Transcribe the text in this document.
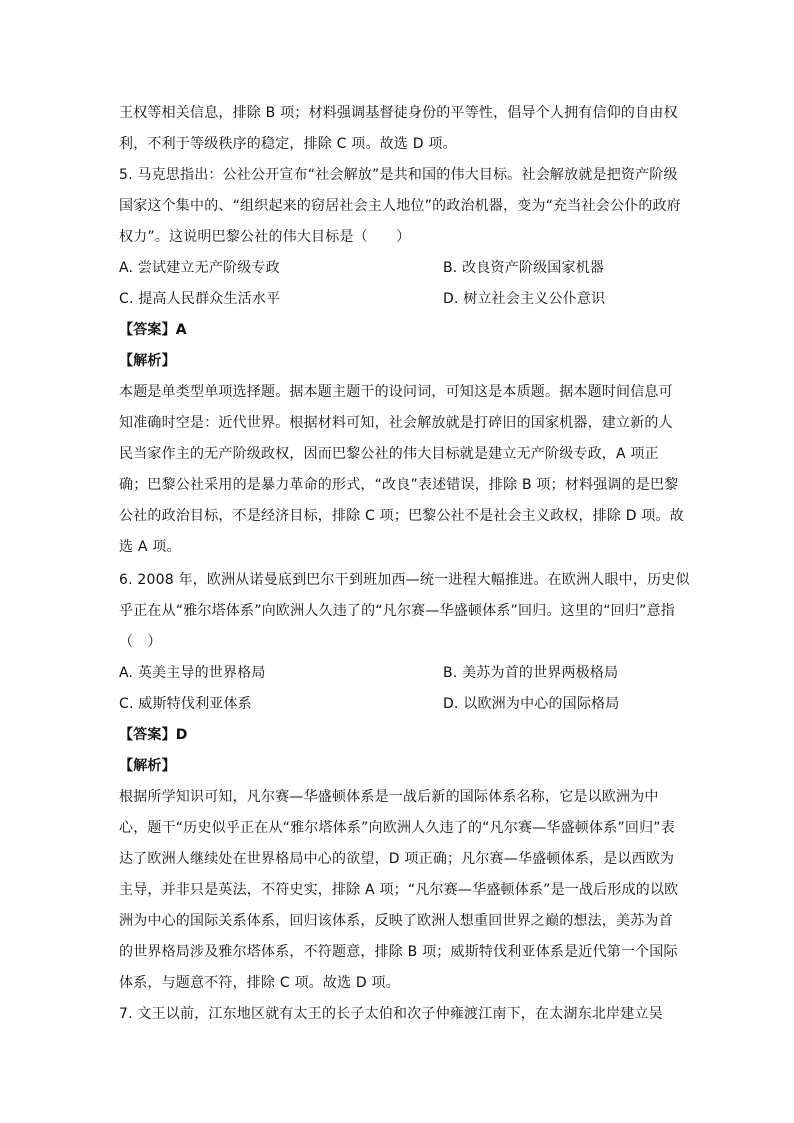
王权等相关信息，排除 B 项；材料强调基督徒身份的平等性，倡导个人拥有信仰的自由权
利，不利于等级秩序的稳定，排除 C 项。故选 D 项。
5. 马克思指出：公社公开宣布“社会解放”是共和国的伟大目标。社会解放就是把资产阶级
国家这个集中的、“组织起来的窃居社会主人地位”的政治机器，变为“充当社会公仆的政府
权力”。这说明巴黎公社的伟大目标是（　　）
A. 尝试建立无产阶级专政	B. 改良资产阶级国家机器
C. 提高人民群众生活水平	D. 树立社会主义公仆意识
【答案】A
【解析】
本题是单类型单项选择题。据本题主题干的设问词，可知这是本质题。据本题时间信息可
知准确时空是：近代世界。根据材料可知，社会解放就是打碎旧的国家机器，建立新的人
民当家作主的无产阶级政权，因而巴黎公社的伟大目标就是建立无产阶级专政，A 项正
确；巴黎公社采用的是暴力革命的形式，“改良”表述错误，排除 B 项；材料强调的是巴黎
公社的政治目标，不是经济目标，排除 C 项；巴黎公社不是社会主义政权，排除 D 项。故
选 A 项。
6. 2008 年，欧洲从诺曼底到巴尔干到班加西—统一进程大幅推进。在欧洲人眼中，历史似
乎正在从“雅尔塔体系”向欧洲人久违了的“凡尔赛—华盛顿体系”回归。这里的“回归”意指
（　）
A. 英美主导的世界格局	B. 美苏为首的世界两极格局
C. 威斯特伐利亚体系	D. 以欧洲为中心的国际格局
【答案】D
【解析】
根据所学知识可知，凡尔赛—华盛顿体系是一战后新的国际体系名称，它是以欧洲为中
心，题干“历史似乎正在从“雅尔塔体系”向欧洲人久违了的“凡尔赛—华盛顿体系”回归”表
达了欧洲人继续处在世界格局中心的欲望，D 项正确；凡尔赛—华盛顿体系，是以西欧为
主导，并非只是英法，不符史实，排除 A 项；“凡尔赛—华盛顿体系”是一战后形成的以欧
洲为中心的国际关系体系，回归该体系，反映了欧洲人想重回世界之巅的想法，美苏为首
的世界格局涉及雅尔塔体系，不符题意，排除 B 项；威斯特伐利亚体系是近代第一个国际
体系，与题意不符，排除 C 项。故选 D 项。
7. 文王以前，江东地区就有太王的长子太伯和次子仲雍渡江南下，在太湖东北岸建立吴
